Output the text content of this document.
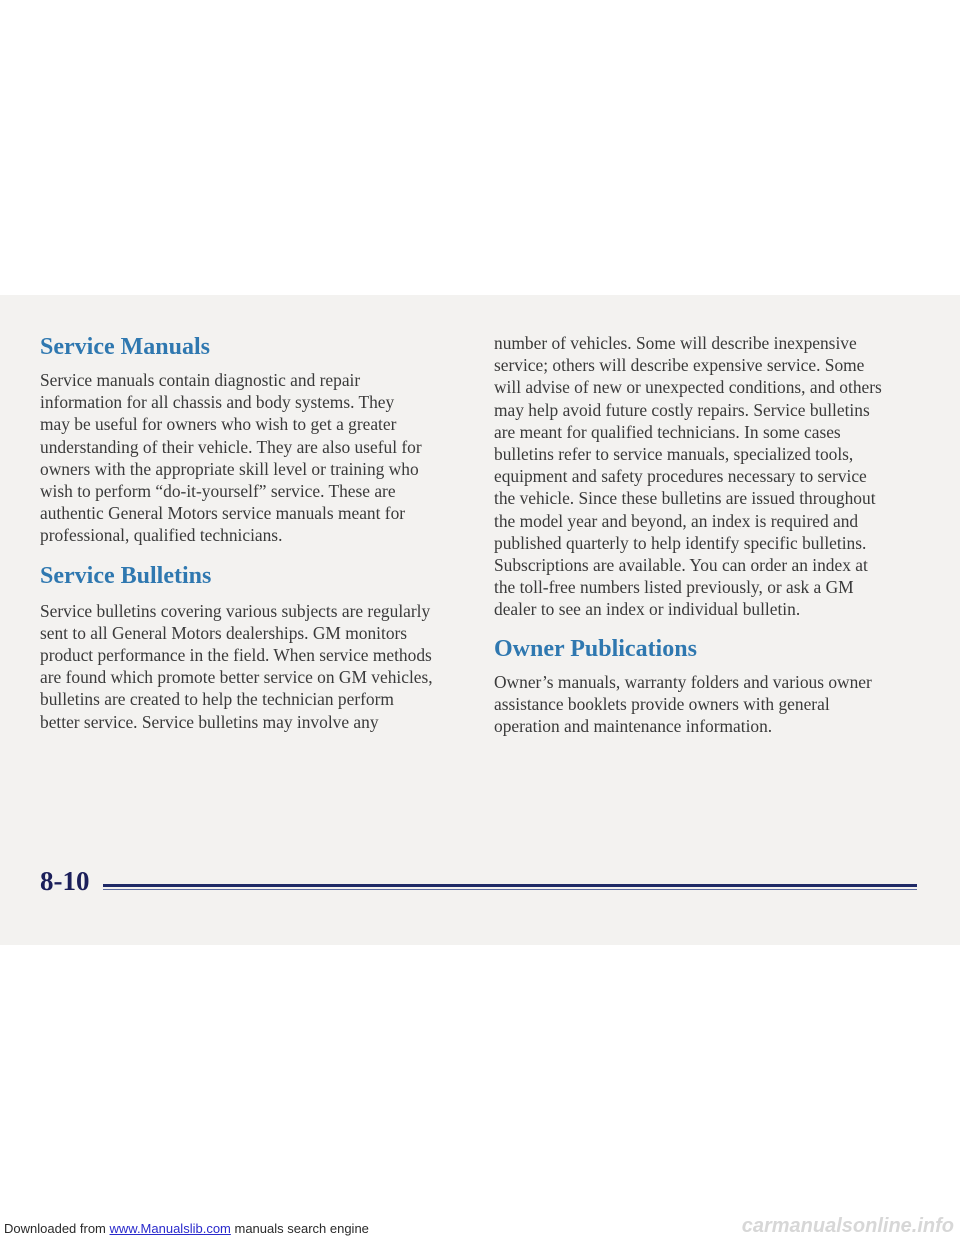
Service Manuals

Service manuals contain diagnostic and repair
information for all chassis and body systems. They
may be useful for owners who wish to get a greater
understanding of their vehicle. They are also useful for
owners with the appropriate skill level or training who
wish to perform “do-it-yourself” service. These are
authentic General Motors service manuals meant for
professional, qualified technicians.

Service Bulletins

Service bulletins covering various subjects are regularly
sent to all General Motors dealerships. GM monitors
product performance in the field. When service methods
are found which promote better service on GM vehicles,
bulletins are created to help the technician perform
better service. Service bulletins may involve any

number of vehicles. Some will describe inexpensive
service; others will describe expensive service. Some
will advise of new or unexpected conditions, and others
may help avoid future costly repairs. Service bulletins
are meant for qualified technicians. In some cases
bulletins refer to service manuals, specialized tools,
equipment and safety procedures necessary to service
the vehicle. Since these bulletins are issued throughout
the model year and beyond, an index is required and
published quarterly to help identify specific bulletins.
Subscriptions are available. You can order an index at
the toll-free numbers listed previously, or ask a GM
dealer to see an index or individual bulletin.

Owner Publications

Owner’s manuals, warranty folders and various owner
assistance booklets provide owners with general
operation and maintenance information.

8-10
Downloaded from www.Manualslib.com manuals search engine	carmanualsonline.info
